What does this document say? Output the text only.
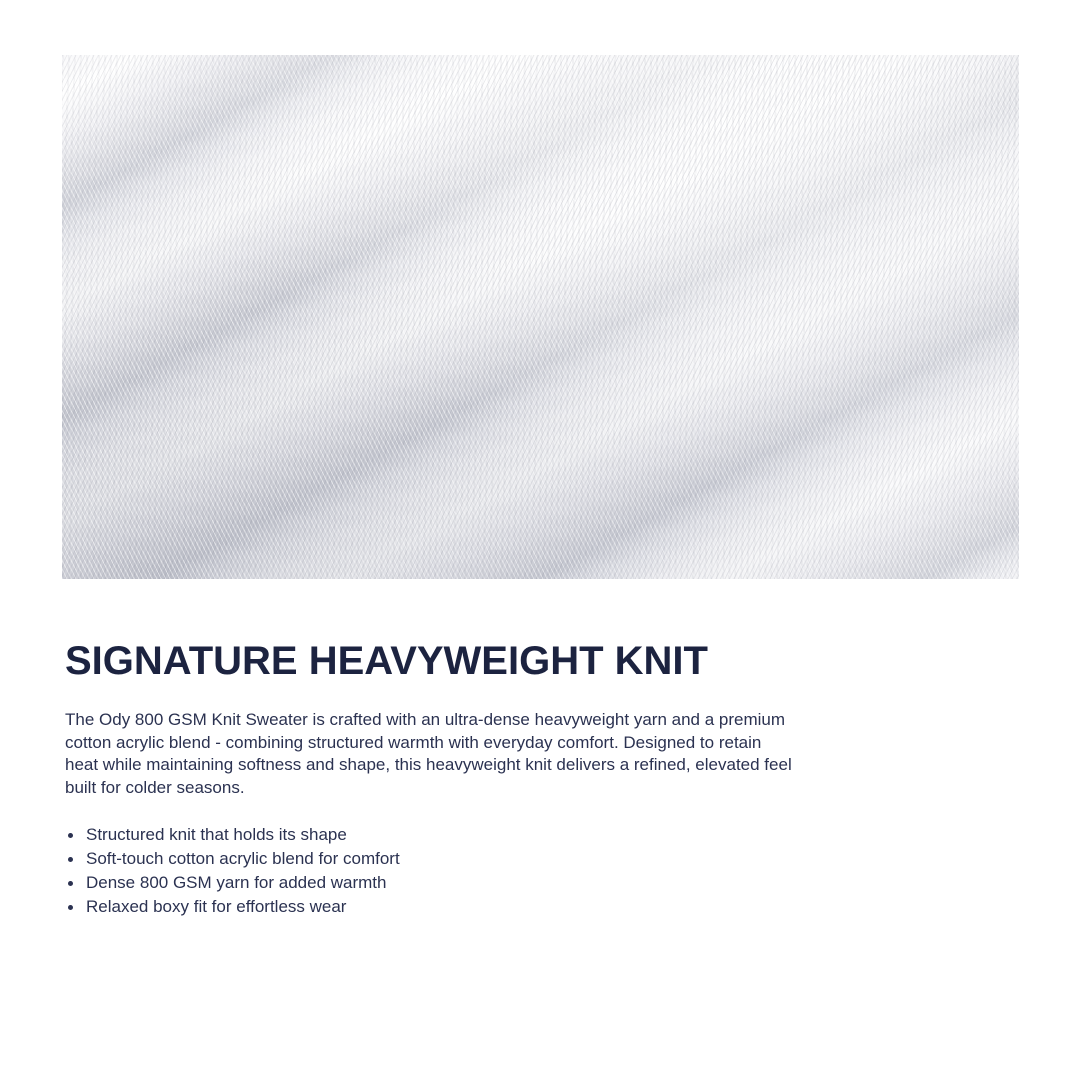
SIGNATURE HEAVYWEIGHT KNIT

The Ody 800 GSM Knit Sweater is crafted with an ultra-dense heavyweight yarn and a premium cotton acrylic blend - combining structured warmth with everyday comfort. Designed to retain heat while maintaining softness and shape, this heavyweight knit delivers a refined, elevated feel built for colder seasons.

Structured knit that holds its shape
Soft-touch cotton acrylic blend for comfort
Dense 800 GSM yarn for added warmth
Relaxed boxy fit for effortless wear
